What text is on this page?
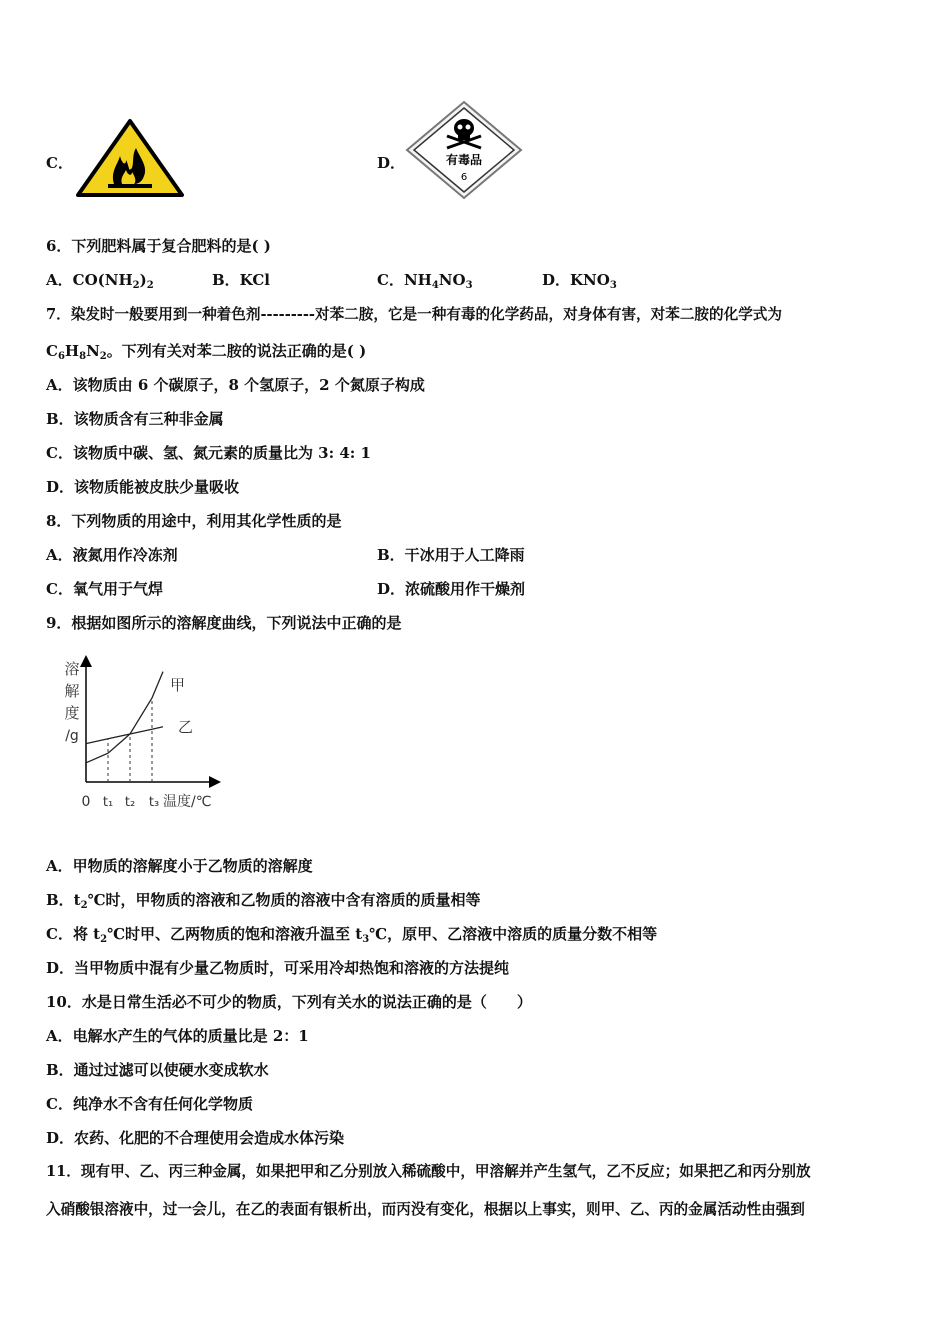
C．	D．	有毒品
6
6．下列肥料属于复合肥料的是( )
A．$CO(NH_2)_2$	B．KCl	C．$NH_4NO_3$	D．$KNO_3$
7．染发时一般要用到一种着色剂---------对苯二胺，它是一种有毒的化学药品，对身体有害，对苯二胺的化学式为
$C_6H_8N_2$。下列有关对苯二胺的说法正确的是( )
A．该物质由 6 个碳原子，8 个氢原子，2 个氮原子构成
B．该物质含有三种非金属
C．该物质中碳、氢、氮元素的质量比为 3: 4: 1
D．该物质能被皮肤少量吸收
8．下列物质的用途中，利用其化学性质的是
A．液氮用作冷冻剂	B．干冰用于人工降雨
C．氧气用于气焊	D．浓硫酸用作干燥剂
9．根据如图所示的溶解度曲线，下列说法中正确的是
溶
解
度
/g
0 t₁ t₂ t₃ 温度/℃
甲
乙
A．甲物质的溶解度小于乙物质的溶解度
B．$t_2℃$时，甲物质的溶液和乙物质的溶液中含有溶质的质量相等
C．将 $t_2℃$时甲、乙两物质的饱和溶液升温至 $t_3℃$，原甲、乙溶液中溶质的质量分数不相等
D．当甲物质中混有少量乙物质时，可采用冷却热饱和溶液的方法提纯
10．水是日常生活必不可少的物质，下列有关水的说法正确的是（　　）
A．电解水产生的气体的质量比是 2：1
B．通过过滤可以使硬水变成软水
C．纯净水不含有任何化学物质
D．农药、化肥的不合理使用会造成水体污染
11．现有甲、乙、丙三种金属，如果把甲和乙分别放入稀硫酸中，甲溶解并产生氢气，乙不反应；如果把乙和丙分别放
入硝酸银溶液中，过一会儿，在乙的表面有银析出，而丙没有变化，根据以上事实，则甲、乙、丙的金属活动性由强到
